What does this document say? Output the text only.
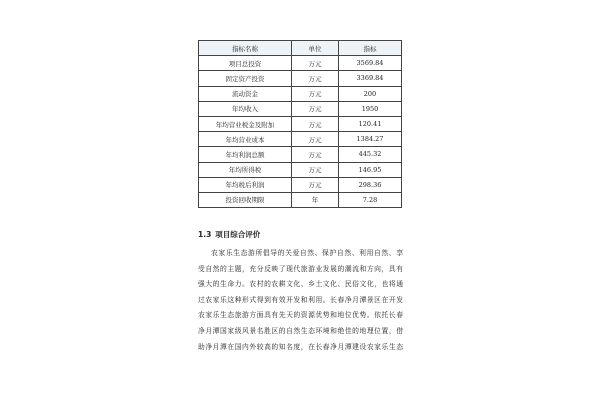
指标名称	单位	指标
项目总投资	万元	3569.84
固定资产投资	万元	3369.84
流动资金	万元	200
年均收入	万元	1950
年均营业税金及附加	万元	120.41
年均营业成本	万元	1384.27
年均利润总额	万元	445.32
年均所得税	万元	146.95
年均税后利润	万元	298.36
投资回收期限	年	7.28
1.3 项目综合评价
农家乐生态游所倡导的关爱自然、保护自然、利用自然、享
受自然的主题，充分反映了现代旅游业发展的潮流和方向，具有
强大的生命力。农村的农耕文化、乡土文化、民俗文化，也将通
过农家乐这种形式得到有效开发和利用。长春净月潭景区在开发
农家乐生态旅游方面具有先天的资源优势和地位优势。依托长春
净月潭国家级风景名胜区的自然生态环境和绝佳的地理位置，借
助净月潭在国内外较高的知名度，在长春净月潭建设农家乐生态
